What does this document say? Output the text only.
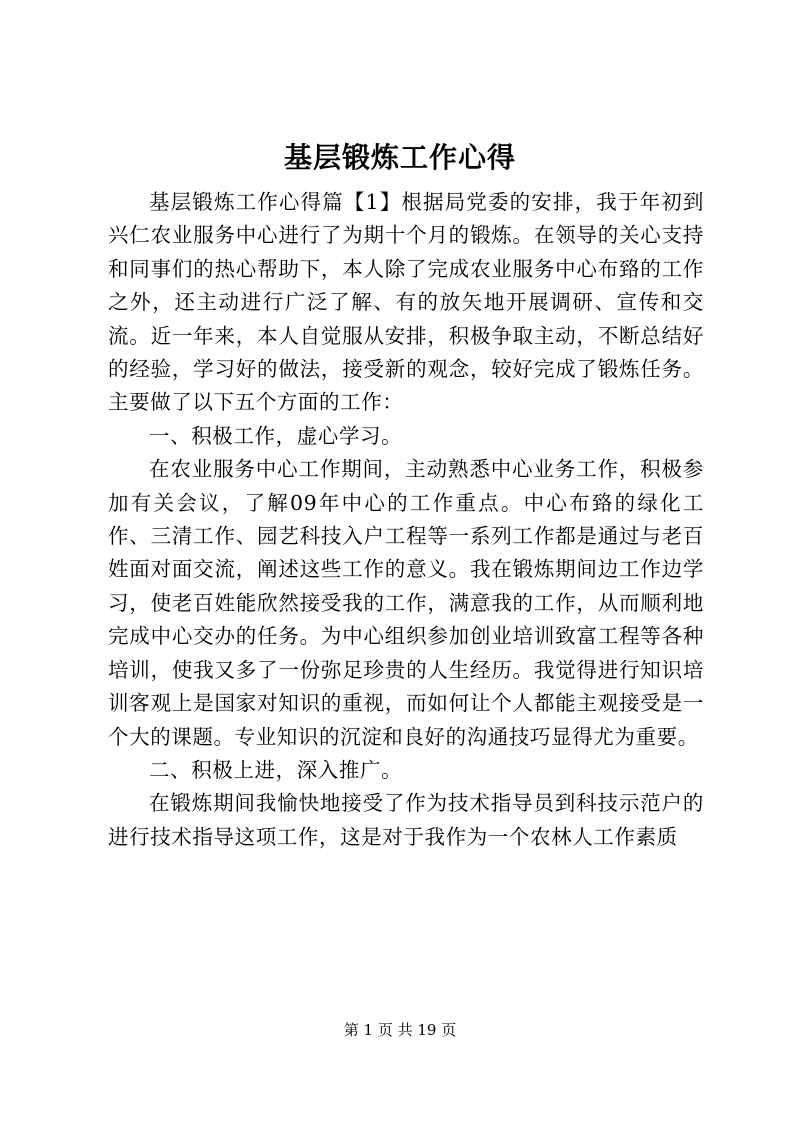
基层锻炼工作心得

基层锻炼工作心得篇【1】根据局党委的安排，我于年初到兴仁农业服务中心进行了为期十个月的锻炼。在领导的关心支持和同事们的热心帮助下，本人除了完成农业服务中心布臵的工作之外，还主动进行广泛了解、有的放矢地开展调研、宣传和交流。近一年来，本人自觉服从安排，积极争取主动，不断总结好的经验，学习好的做法，接受新的观念，较好完成了锻炼任务。主要做了以下五个方面的工作：

一、积极工作，虚心学习。

在农业服务中心工作期间，主动熟悉中心业务工作，积极参加有关会议，了解09年中心的工作重点。中心布臵的绿化工作、三清工作、园艺科技入户工程等一系列工作都是通过与老百姓面对面交流，阐述这些工作的意义。我在锻炼期间边工作边学习，使老百姓能欣然接受我的工作，满意我的工作，从而顺利地完成中心交办的任务。为中心组织参加创业培训致富工程等各种培训，使我又多了一份弥足珍贵的人生经历。我觉得进行知识培训客观上是国家对知识的重视，而如何让个人都能主观接受是一个大的课题。专业知识的沉淀和良好的沟通技巧显得尤为重要。

二、积极上进，深入推广。

在锻炼期间我愉快地接受了作为技术指导员到科技示范户的进行技术指导这项工作，这是对于我作为一个农林人工作素质

第 1 页 共 19 页
